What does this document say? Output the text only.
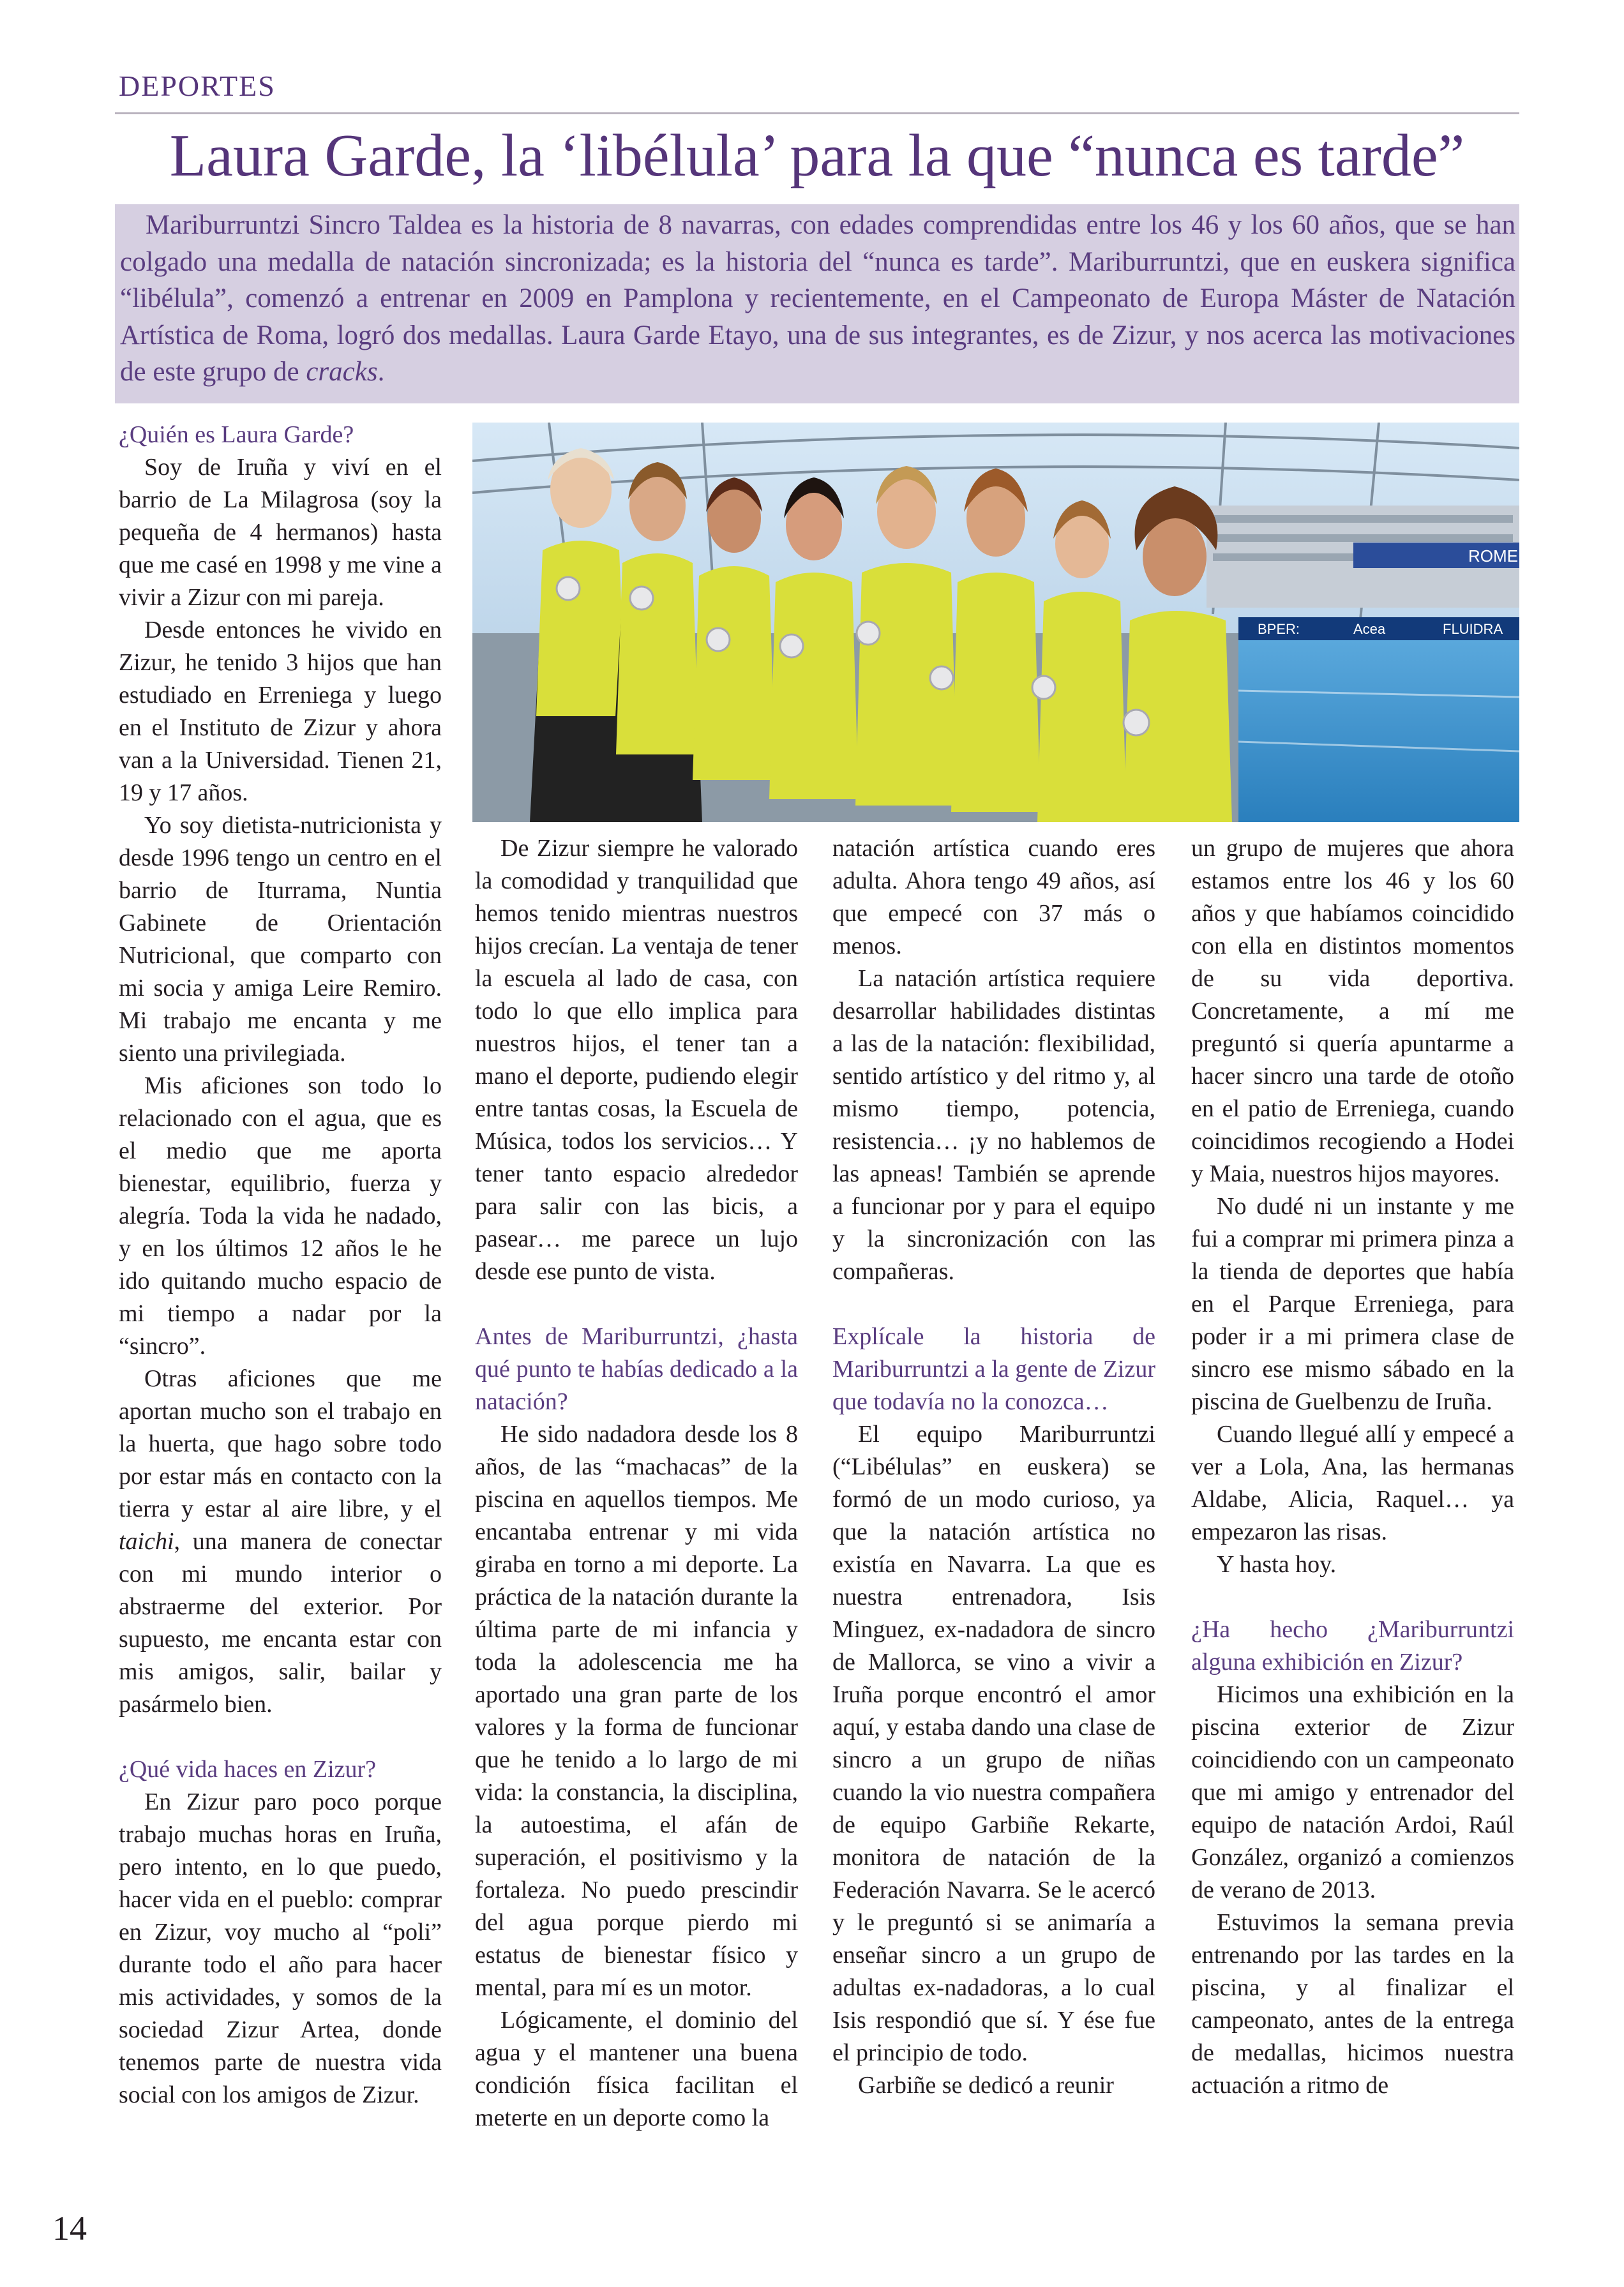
DEPORTES
Laura Garde, la ‘libélula’ para la que “nunca es tarde”

Mariburruntzi Sincro Taldea es la historia de 8 navarras, con edades comprendidas entre los 46 y los 60 años, que se han colgado una medalla de natación sincronizada; es la historia del “nunca es tarde”. Mariburruntzi, que en euskera significa “libélula”, comenzó a entrenar en 2009 en Pamplona y recientemente, en el Campeonato de Europa Máster de Natación Artística de Roma, logró dos medallas. Laura Garde Etayo, una de sus integrantes, es de Zizur, y nos acerca las motivaciones de este grupo de cracks.

ROME
BPER:	Acea	FLUIDRA
¿Quién es Laura Garde?

Soy de Iruña y viví en el barrio de La Milagrosa (soy la pequeña de 4 hermanos) hasta que me casé en 1998 y me vine a vivir a Zizur con mi pareja.

Desde entonces he vivido en Zizur, he tenido 3 hijos que han estudiado en Erreniega y luego en el Instituto de Zizur y ahora van a la Universidad. Tienen 21, 19 y 17 años.

Yo soy dietista-nutricionista y desde 1996 tengo un centro en el barrio de Iturrama, Nuntia Gabinete de Orientación Nutricional, que comparto con mi socia y amiga Leire Remiro. Mi trabajo me encanta y me siento una privilegiada.

Mis aficiones son todo lo relacionado con el agua, que es el medio que me aporta bienestar, equilibrio, fuerza y alegría. Toda la vida he nadado, y en los últimos 12 años le he ido quitando mucho espacio de mi tiempo a nadar por la “sincro”.

Otras aficiones que me aportan mucho son el trabajo en la huerta, que hago sobre todo por estar más en contacto con la tierra y estar al aire libre, y el taichi, una manera de conectar con mi mundo interior o abstraerme del exterior. Por supuesto, me encanta estar con mis amigos, salir, bailar y pasármelo bien.

¿Qué vida haces en Zizur?

En Zizur paro poco porque trabajo muchas horas en Iruña, pero intento, en lo que puedo, hacer vida en el pueblo: comprar en Zizur, voy mucho al “poli” durante todo el año para hacer mis actividades, y somos de la sociedad Zizur Artea, donde tenemos parte de nuestra vida social con los amigos de Zizur.

De Zizur siempre he valorado la comodidad y tranquilidad que hemos tenido mientras nuestros hijos crecían. La ventaja de tener la escuela al lado de casa, con todo lo que ello implica para nuestros hijos, el tener tan a mano el deporte, pudiendo elegir entre tantas cosas, la Escuela de Música, todos los servicios… Y tener tanto espacio alrededor para salir con las bicis, a pasear… me parece un lujo desde ese punto de vista.

Antes de Mariburruntzi, ¿hasta qué punto te habías dedicado a la natación?

He sido nadadora desde los 8 años, de las “machacas” de la piscina en aquellos tiempos. Me encantaba entrenar y mi vida giraba en torno a mi deporte. La práctica de la natación durante la última parte de mi infancia y toda la adolescencia me ha aportado una gran parte de los valores y la forma de funcionar que he tenido a lo largo de mi vida: la constancia, la disciplina, la autoestima, el afán de superación, el positivismo y la fortaleza. No puedo prescindir del agua porque pierdo mi estatus de bienestar físico y mental, para mí es un motor.

Lógicamente, el dominio del agua y el mantener una buena condición física facilitan el meterte en un deporte como la

natación artística cuando eres adulta. Ahora tengo 49 años, así que empecé con 37 más o menos.

La natación artística requiere desarrollar habilidades distintas a las de la natación: flexibilidad, sentido artístico y del ritmo y, al mismo tiempo, potencia, resistencia… ¡y no hablemos de las apneas! También se aprende a funcionar por y para el equipo y la sincronización con las compañeras.

Explícale la historia de Mariburruntzi a la gente de Zizur que todavía no la conozca…

El equipo Mariburruntzi (“Libélulas” en euskera) se formó de un modo curioso, ya que la natación artística no existía en Navarra. La que es nuestra entrenadora, Isis Minguez, ex-nadadora de sincro de Mallorca, se vino a vivir a Iruña porque encontró el amor aquí, y estaba dando una clase de sincro a un grupo de niñas cuando la vio nuestra compañera de equipo Garbiñe Rekarte, monitora de natación de la Federación Navarra. Se le acercó y le preguntó si se animaría a enseñar sincro a un grupo de adultas ex-nadadoras, a lo cual Isis respondió que sí. Y ése fue el principio de todo.

Garbiñe se dedicó a reunir

un grupo de mujeres que ahora estamos entre los 46 y los 60 años y que habíamos coincidido con ella en distintos momentos de su vida deportiva. Concretamente, a mí me preguntó si quería apuntarme a hacer sincro una tarde de otoño en el patio de Erreniega, cuando coincidimos recogiendo a Hodei y Maia, nuestros hijos mayores.

No dudé ni un instante y me fui a comprar mi primera pinza a la tienda de deportes que había en el Parque Erreniega, para poder ir a mi primera clase de sincro ese mismo sábado en la piscina de Guelbenzu de Iruña.

Cuando llegué allí y empecé a ver a Lola, Ana, las hermanas Aldabe, Alicia, Raquel… ya empezaron las risas.

Y hasta hoy.

¿Ha hecho ¿Mariburruntzi alguna exhibición en Zizur?

Hicimos una exhibición en la piscina exterior de Zizur coincidiendo con un campeonato que mi amigo y entrenador del equipo de natación Ardoi, Raúl González, organizó a comienzos de verano de 2013.

Estuvimos la semana previa entrenando por las tardes en la piscina, y al finalizar el campeonato, antes de la entrega de medallas, hicimos nuestra actuación a ritmo de

14
